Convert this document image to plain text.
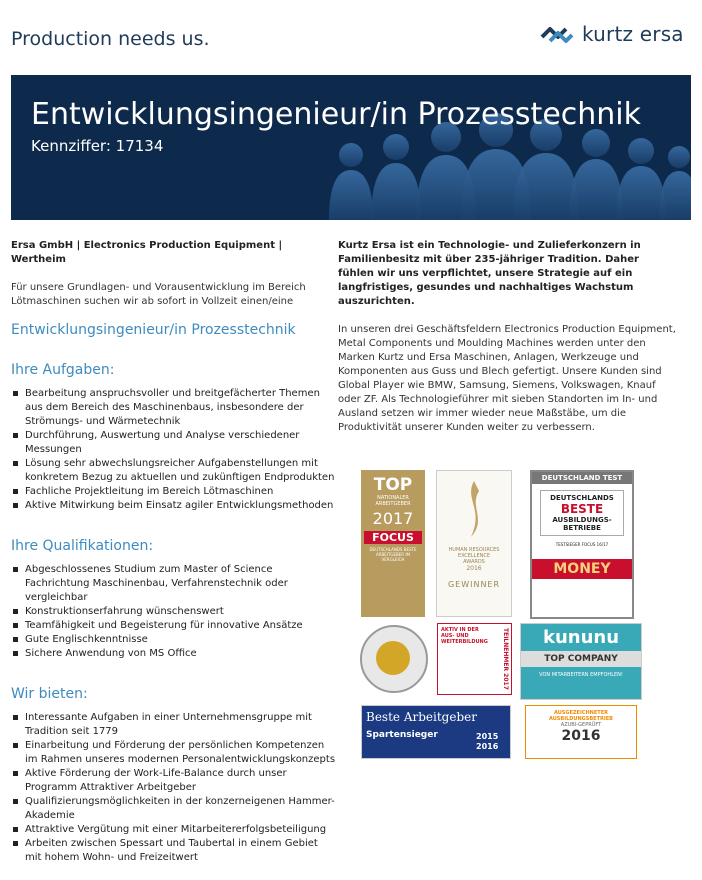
Production needs us.	kurtz ersa
Entwicklungsingenieur/in Prozesstechnik
Kennziffer: 17134
Ersa GmbH | Electronics Production Equipment | Wertheim
Für unsere Grundlagen- und Vorausentwicklung im Bereich Lötmaschinen suchen wir ab sofort in Vollzeit einen/eine
Entwicklungsingenieur/in Prozesstechnik
Ihre Aufgaben:
Bearbeitung anspruchsvoller und breitgefächerter Themen aus dem Bereich des Maschinenbaus, insbesondere der Strömungs- und Wärmetechnik
Durchführung, Auswertung und Analyse verschiedener Messungen
Lösung sehr abwechslungsreicher Aufgabenstellungen mit konkretem Bezug zu aktuellen und zukünftigen Endprodukten
Fachliche Projektleitung im Bereich Lötmaschinen
Aktive Mitwirkung beim Einsatz agiler Entwicklungsmethoden
Ihre Qualifikationen:
Abgeschlossenes Studium zum Master of Science Fachrichtung Maschinenbau, Verfahrenstechnik oder vergleichbar
Konstruktionserfahrung wünschenswert
Teamfähigkeit und Begeisterung für innovative Ansätze
Gute Englischkenntnisse
Sichere Anwendung von MS Office
Wir bieten:
Interessante Aufgaben in einer Unternehmensgruppe mit Tradition seit 1779
Einarbeitung und Förderung der persönlichen Kompetenzen im Rahmen unseres modernen Personalentwicklungskonzepts
Aktive Förderung der Work-Life-Balance durch unser Programm Attraktiver Arbeitgeber
Qualifizierungsmöglichkeiten in der konzerneigenen Hammer-Akademie
Attraktive Vergütung mit einer Mitarbeitererfolgsbeteiligung
Arbeiten zwischen Spessart und Taubertal in einem Gebiet mit hohem Wohn- und Freizeitwert
Kurtz Ersa ist ein Technologie- und Zulieferkonzern in Familienbesitz mit über 235-jähriger Tradition. Daher fühlen wir uns verpflichtet, unsere Strategie auf ein langfristiges, gesundes und nachhaltiges Wachstum auszurichten.
In unseren drei Geschäftsfeldern Electronics Production Equipment, Metal Components und Moulding Machines werden unter den Marken Kurtz und Ersa Maschinen, Anlagen, Werkzeuge und Komponenten aus Guss und Blech gefertigt. Unsere Kunden sind Global Player wie BMW, Samsung, Siemens, Volkswagen, Knauf oder ZF. Als Technologieführer mit sieben Standorten im In- und Ausland setzen wir immer wieder neue Maßstäbe, um die Produktivität unserer Kunden weiter zu verbessern.
TOP
NATIONALER ARBEITGEBER
2017
FOCUS
DEUTSCHLANDS BESTE ARBEITGEBER IM VERGLEICH
HUMAN RESOURCES
EXCELLENCE
AWARDS
2016
GEWINNER
DEUTSCHLAND TEST
DEUTSCHLANDS
BESTE
AUSBILDUNGS-
BETRIEBE
TESTSIEGER FOCUS 16/17
MONEY
AKTIV IN DER AUS- UND WEITERBILDUNG	TEILNEHMER 2017	kununu
TOP COMPANY
VON MITARBEITERN EMPFOHLEN!
Beste Arbeitgeber
Spartensieger	2015 2016
AUSGEZEICHNETER
AUSBILDUNGSBETRIEB
AZUBI-GEPRÜFT
2016
